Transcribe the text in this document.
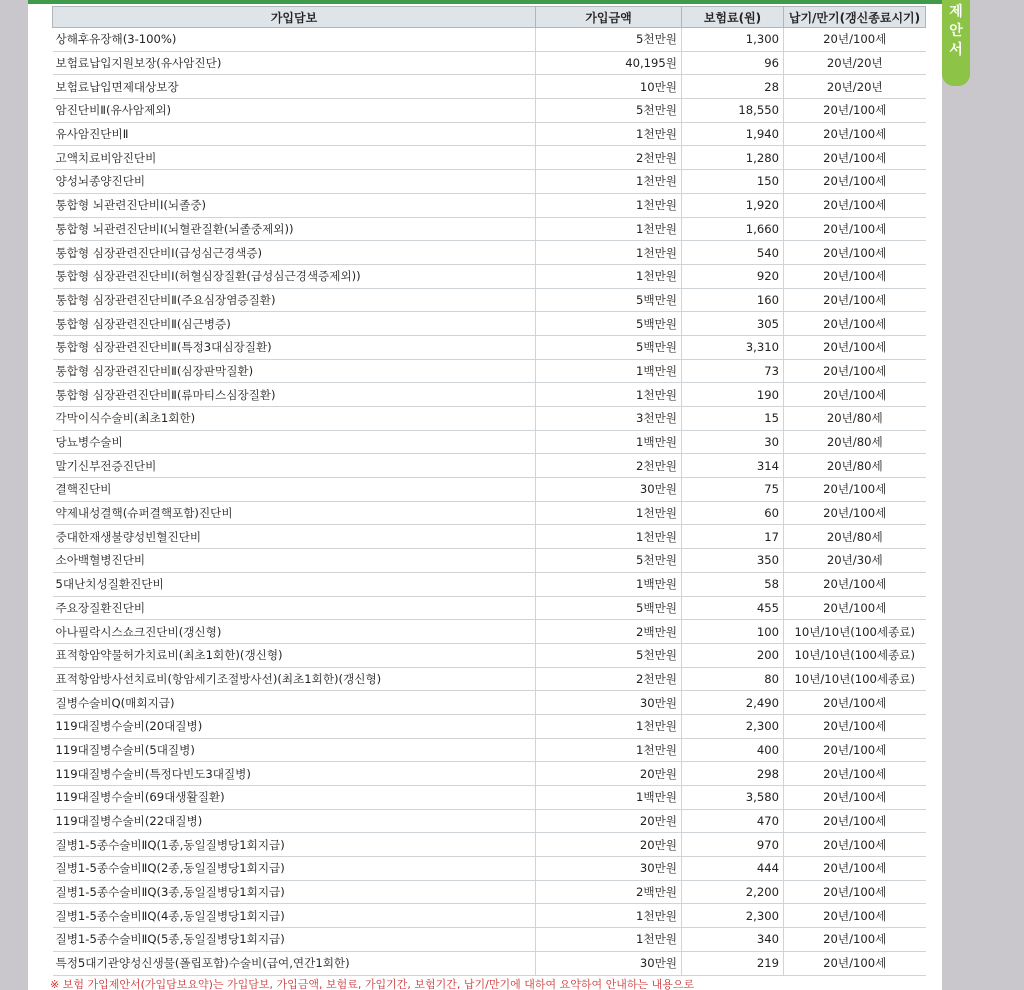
가입담보	가입금액	보험료(원)	납기/만기(갱신종료시기)
상해후유장해(3-100%)	5천만원	1,300	20년/100세
보험료납입지원보장(유사암진단)	40,195원	96	20년/20년
보험료납입면제대상보장	10만원	28	20년/20년
암진단비Ⅱ(유사암제외)	5천만원	18,550	20년/100세
유사암진단비Ⅱ	1천만원	1,940	20년/100세
고액치료비암진단비	2천만원	1,280	20년/100세
양성뇌종양진단비	1천만원	150	20년/100세
통합형 뇌관련진단비Ⅰ(뇌졸중)	1천만원	1,920	20년/100세
통합형 뇌관련진단비Ⅰ(뇌혈관질환(뇌졸중제외))	1천만원	1,660	20년/100세
통합형 심장관련진단비Ⅰ(급성심근경색증)	1천만원	540	20년/100세
통합형 심장관련진단비Ⅰ(허혈심장질환(급성심근경색증제외))	1천만원	920	20년/100세
통합형 심장관련진단비Ⅱ(주요심장염증질환)	5백만원	160	20년/100세
통합형 심장관련진단비Ⅱ(심근병증)	5백만원	305	20년/100세
통합형 심장관련진단비Ⅱ(특정3대심장질환)	5백만원	3,310	20년/100세
통합형 심장관련진단비Ⅱ(심장판막질환)	1백만원	73	20년/100세
통합형 심장관련진단비Ⅱ(류마티스심장질환)	1천만원	190	20년/100세
각막이식수술비(최초1회한)	3천만원	15	20년/80세
당뇨병수술비	1백만원	30	20년/80세
말기신부전증진단비	2천만원	314	20년/80세
결핵진단비	30만원	75	20년/100세
약제내성결핵(슈퍼결핵포함)진단비	1천만원	60	20년/100세
중대한재생불량성빈혈진단비	1천만원	17	20년/80세
소아백혈병진단비	5천만원	350	20년/30세
5대난치성질환진단비	1백만원	58	20년/100세
주요장질환진단비	5백만원	455	20년/100세
아나필락시스쇼크진단비(갱신형)	2백만원	100	10년/10년(100세종료)
표적항암약물허가치료비(최초1회한)(갱신형)	5천만원	200	10년/10년(100세종료)
표적항암방사선치료비(항암세기조절방사선)(최초1회한)(갱신형)	2천만원	80	10년/10년(100세종료)
질병수술비Q(매회지급)	30만원	2,490	20년/100세
119대질병수술비(20대질병)	1천만원	2,300	20년/100세
119대질병수술비(5대질병)	1천만원	400	20년/100세
119대질병수술비(특정다빈도3대질병)	20만원	298	20년/100세
119대질병수술비(69대생활질환)	1백만원	3,580	20년/100세
119대질병수술비(22대질병)	20만원	470	20년/100세
질병1-5종수술비ⅡQ(1종,동일질병당1회지급)	20만원	970	20년/100세
질병1-5종수술비ⅡQ(2종,동일질병당1회지급)	30만원	444	20년/100세
질병1-5종수술비ⅡQ(3종,동일질병당1회지급)	2백만원	2,200	20년/100세
질병1-5종수술비ⅡQ(4종,동일질병당1회지급)	1천만원	2,300	20년/100세
질병1-5종수술비ⅡQ(5종,동일질병당1회지급)	1천만원	340	20년/100세
특정5대기관양성신생물(폴립포함)수술비(급여,연간1회한)	30만원	219	20년/100세
※ 보험 가입제안서(가입담보요약)는 가입담보, 가입금액, 보험료, 가입기간, 보험기간, 납기/만기에 대하여 요약하여 안내하는 내용으로
제
안
서
